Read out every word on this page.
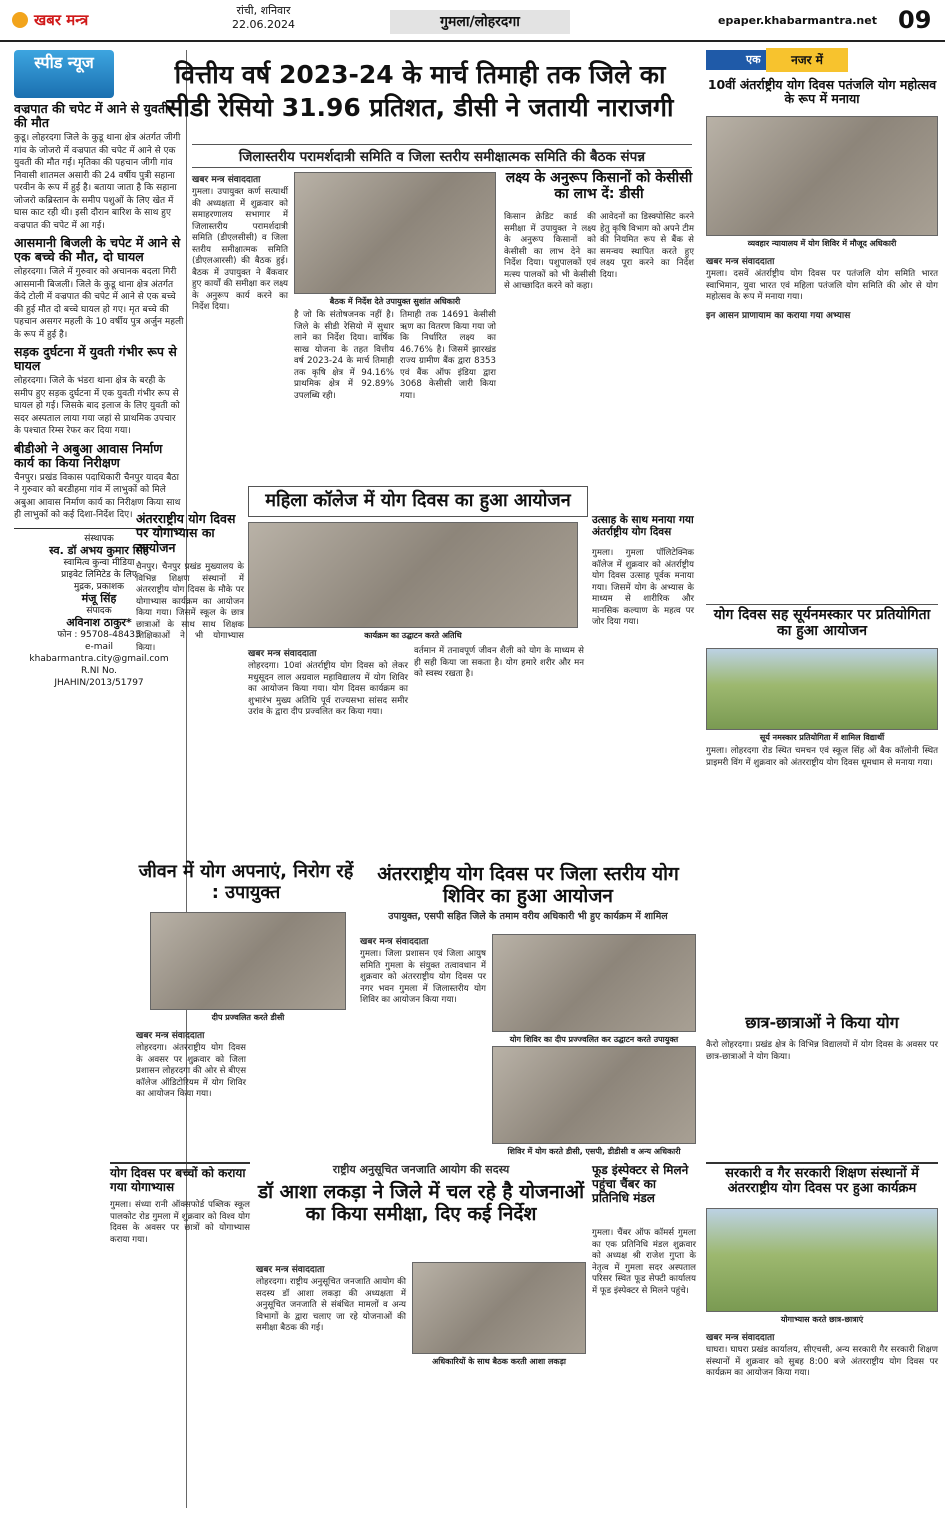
खबर मन्त्र
रांची, शनिवार
22.06.2024	गुमला/लोहरदगा	epaper.khabarmantra.net 09
स्पीड न्यूज
वज्रपात की चपेट में आने से युवती की मौत
कुडू। लोहरदगा जिले के कुडू थाना क्षेत्र अंतर्गत जीगी गांव के जोजरो में वज्रपात की चपेट में आने से एक युवती की मौत गई। मृतिका की पहचान जीगी गांव निवासी शातमल असारी की 24 वर्षीय पुत्री सहाना परवीन के रूप में हुई है। बताया जाता है कि सहाना जोजरो कब्रिस्तान के समीप पशुओं के लिए खेत में घास काट रही थी। इसी दौरान बारिश के साथ हुए वज्रपात की चपेट में आ गई।
आसमानी बिजली के चपेट में आने से एक बच्चे की मौत, दो घायल
लोहरदगा। जिले में गुरुवार को अचानक बदला गिरी आसमानी बिजली। जिले के कुडू थाना क्षेत्र अंतर्गत केंदे टोली में वज्रपात की चपेट में आने से एक बच्चे की हुई मौत दो बच्चे घायल हो गए। मृत बच्चे की पहचान असगर महली के 10 वर्षीय पुत्र अर्जुन महली के रूप में हुई है।
सड़क दुर्घटना में युवती गंभीर रूप से घायल
लोहरदगा। जिले के भंडरा थाना क्षेत्र के बरही के समीप हुए सड़क दुर्घटना में एक युवती गंभीर रूप से घायल हो गई। जिसके बाद इलाज के लिए युवती को सदर अस्पताल लाया गया जहां से प्राथमिक उपचार के पश्चात रिम्स रेफर कर दिया गया।
बीडीओ ने अबुआ आवास निर्माण कार्य का किया निरीक्षण
चैनपुर। प्रखंड विकास पदाधिकारी चैनपुर यादव बैठा ने गुरुवार को बरडीहमा गांव में लाभुकों को मिले अबुआ आवास निर्माण कार्य का निरीक्षण किया साथ ही लाभुकों को कई दिशा-निर्देश दिए।
संस्थापक
स्व. डॉ अभय कुमार सिंह
स्वामित्व कुन्वा मीडिया
प्राइवेट लिमिटेड के लिए
मुद्रक, प्रकाशक
मंजू सिंह
संपादक
अविनाश ठाकुर*
फोन : 95708-48433
e-mail
khabarmantra.city@gmail.com
R.NI No.
JHAHIN/2013/51797
एक	नजर में
वित्तीय वर्ष 2023-24 के मार्च तिमाही तक जिले का सीडी रेसियो 31.96 प्रतिशत, डीसी ने जतायी नाराजगी
जिलास्तरीय परामर्शदात्री समिति व जिला स्तरीय समीक्षात्मक समिति की बैठक संपन्न
खबर मन्त्र संवाददाता
गुमला। उपायुक्त कर्ण सत्यार्थी की अध्यक्षता में शुक्रवार को समाहरणालय सभागार में जिलास्तरीय परामर्शदात्री समिति (डीएलसीसी) व जिला स्तरीय समीक्षात्मक समिति (डीएलआरसी) की बैठक हुई। बैठक में उपायुक्त ने बैंकवार हुए कार्यों की समीक्षा कर लक्ष्य के अनुरूप कार्य करने का निर्देश दिया।
बैठक में निर्देश देते उपायुक्त सुशांत अधिकारी
लक्ष्य के अनुरूप किसानों को केसीसी का लाभ दें: डीसी
किसान क्रेडिट कार्ड की समीक्षा में उपायुक्त ने लक्ष्य के अनुरूप किसानों को केसीसी का लाभ देने का निर्देश दिया। पशुपालकों एवं मत्स्य पालकों को भी केसीसी से आच्छादित करने को कहा।
आवेदनों का डिस्क्पोसिट करने हेतु कृषि विभाग को अपने टीम की नियमित रूप से बैंक से समन्वय स्थापित करते हुए लक्ष्य पूरा करने का निर्देश दिया।
है जो कि संतोषजनक नहीं है। जिले के सीडी रेसियो में सुधार लाने का निर्देश दिया। वार्षिक साख योजना के तहत वित्तीय वर्ष 2023-24 के मार्च तिमाही तक कृषि क्षेत्र में 94.16% प्राथमिक क्षेत्र में 92.89% उपलब्धि रही।
तिमाही तक 14691 केसीसी ऋण का वितरण किया गया जो कि निर्धारित लक्ष्य का 46.76% है। जिसमें झारखंड राज्य ग्रामीण बैंक द्वारा 8353 एवं बैंक ऑफ इंडिया द्वारा 3068 केसीसी जारी किया गया।
महिला कॉलेज में योग दिवस का हुआ आयोजन
कार्यक्रम का उद्घाटन करते अतिथि
खबर मन्त्र संवाददाता
लोहरदगा। 10वां अंतर्राष्ट्रीय योग दिवस को लेकर मधुसूदन लाल अग्रवाल महाविद्यालय में योग शिविर का आयोजन किया गया। योग दिवस कार्यक्रम का शुभारंभ मुख्य अतिथि पूर्व राज्यसभा सांसद समीर उरांव के द्वारा दीप प्रज्वलित कर किया गया।
वर्तमान में तनावपूर्ण जीवन शैली को योग के माध्यम से ही सही किया जा सकता है। योग हमारे शरीर और मन को स्वस्थ रखता है।
अंतरराष्ट्रीय योग दिवस पर योगाभ्यास का आयोजन
चैनपुर। चैनपुर प्रखंड मुख्यालय के विभिन्न शिक्षण संस्थानों में अंतरराष्ट्रीय योग दिवस के मौके पर योगाभ्यास कार्यक्रम का आयोजन किया गया। जिसमें स्कूल के छात्र छात्राओं के साथ साथ शिक्षक शिक्षिकाओं ने भी योगाभ्यास किया।
उत्साह के साथ मनाया गया अंतर्राष्ट्रीय योग दिवस
गुमला। गुमला पॉलिटेक्निक कॉलेज में शुक्रवार को अंतर्राष्ट्रीय योग दिवस उत्साह पूर्वक मनाया गया। जिसमें योग के अभ्यास के माध्यम से शारीरिक और मानसिक कल्याण के महत्व पर जोर दिया गया।
जीवन में योग अपनाएं, निरोग रहें : उपायुक्त
दीप प्रज्वलित करते डीसी
खबर मन्त्र संवाददाता
लोहरदगा। अंतरराष्ट्रीय योग दिवस के अवसर पर शुक्रवार को जिला प्रशासन लोहरदगा की ओर से बीएस कॉलेज ऑडिटोरियम में योग शिविर का आयोजन किया गया।
अंतरराष्ट्रीय योग दिवस पर जिला स्तरीय योग शिविर का हुआ आयोजन
उपायुक्त, एसपी सहित जिले के तमाम वरीय अधिकारी भी हुए कार्यक्रम में शामिल
खबर मन्त्र संवाददाता
गुमला। जिला प्रशासन एवं जिला आयुष समिति गुमला के संयुक्त तत्वावधान में शुक्रवार को अंतरराष्ट्रीय योग दिवस पर नगर भवन गुमला में जिलास्तरीय योग शिविर का आयोजन किया गया।
योग शिविर का दीप प्रज्ज्वलित कर उद्घाटन करते उपायुक्त
शिविर में योग करते डीसी, एसपी, डीडीसी व अन्य अधिकारी
योग दिवस पर बच्चों को कराया गया योगाभ्यास
गुमला। संध्या रानी ऑक्सफोर्ड पब्लिक स्कूल पालकोट रोड गुमला में शुक्रवार को विश्व योग दिवस के अवसर पर छात्रों को योगाभ्यास कराया गया।
राष्ट्रीय अनुसूचित जनजाति आयोग की सदस्य
डॉ आशा लकड़ा ने जिले में चल रहे है योजनाओं का किया समीक्षा, दिए कई निर्देश
खबर मन्त्र संवाददाता
लोहरदगा। राष्ट्रीय अनुसूचित जनजाति आयोग की सदस्य डॉ आशा लकड़ा की अध्यक्षता में अनुसूचित जनजाति से संबंधित मामलों व अन्य विभागों के द्वारा चलाए जा रहे योजनाओं की समीक्षा बैठक की गई।
अधिकारियों के साथ बैठक करती आशा लकड़ा
फूड इंस्पेक्टर से मिलने पहुंचा चैंबर का प्रतिनिधि मंडल
गुमला। चैंबर ऑफ कॉमर्स गुमला का एक प्रतिनिधि मंडल शुक्रवार को अध्यक्ष श्री राजेश गुप्ता के नेतृत्व में गुमला सदर अस्पताल परिसर स्थित फूड सेफ्टी कार्यालय में फूड इंस्पेक्टर से मिलने पहुंचे।
10वीं अंतर्राष्ट्रीय योग दिवस पतंजलि योग महोत्सव के रूप में मनाया
व्यवहार न्यायालय में योग शिविर में मौजूद अधिकारी
खबर मन्त्र संवाददाता
गुमला। दसवें अंतर्राष्ट्रीय योग दिवस पर पतंजलि योग समिति भारत स्वाभिमान, युवा भारत एवं महिला पतंजलि योग समिति की ओर से योग महोत्सव के रूप में मनाया गया।
इन आसन प्राणायाम का कराया गया अभ्यास
योग दिवस सह सूर्यनमस्कार पर प्रतियोगिता का हुआ आयोजन
सूर्य नमस्कार प्रतियोगिता में शामिल विद्यार्थी
गुमला। लोहरदगा रोड स्थित चमचन एवं स्कूल सिंह ओं बैक कॉलोनी स्थित प्राइमरी विंग में शुक्रवार को अंतरराष्ट्रीय योग दिवस धूमधाम से मनाया गया।
छात्र-छात्राओं ने किया योग
कैरो लोहरदगा। प्रखंड क्षेत्र के विभिन्न विद्यालयों में योग दिवस के अवसर पर छात्र-छात्राओं ने योग किया।
सरकारी व गैर सरकारी शिक्षण संस्थानों में अंतरराष्ट्रीय योग दिवस पर हुआ कार्यक्रम
योगाभ्यास करते छात्र-छात्राएं
खबर मन्त्र संवाददाता
घाघरा। घाघरा प्रखंड कार्यालय, सीएचसी, अन्य सरकारी गैर सरकारी शिक्षण संस्थानों में शुक्रवार को सुबह 8:00 बजे अंतरराष्ट्रीय योग दिवस पर कार्यक्रम का आयोजन किया गया।
